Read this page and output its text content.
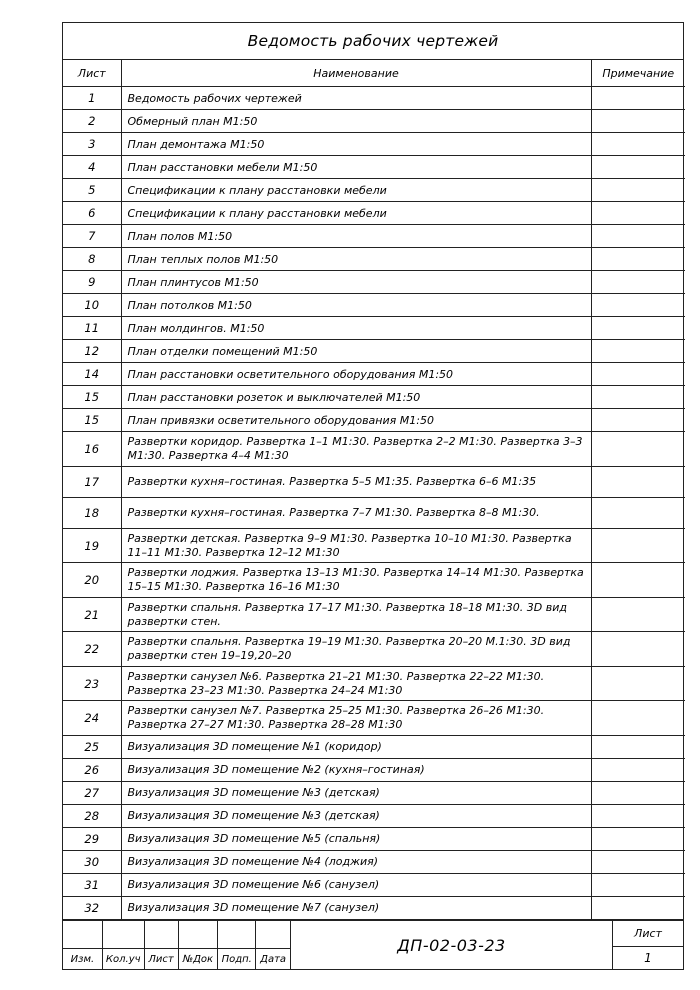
Ведомость рабочих чертежей
Лист	Наименование	Примечание
1	Ведомость рабочих чертежей	
2	Обмерный план М1:50	
3	План демонтажа М1:50	
4	План расстановки мебели М1:50	
5	Спецификации к плану расстановки мебели	
6	Спецификации к плану расстановки мебели	
7	План полов М1:50	
8	План теплых полов М1:50	
9	План плинтусов М1:50	
10	План потолков М1:50	
11	План молдингов. М1:50	
12	План отделки помещений М1:50	
14	План расстановки осветительного оборудования М1:50	
15	План расстановки розеток и выключателей М1:50	
15	План привязки осветительного оборудования М1:50	
16	Развертки коридор. Развертка 1–1 М1:30. Развертка 2–2 М1:30. Развертка 3–3 М1:30. Развертка 4–4 М1:30	
17	Развертки кухня–гостиная. Развертка 5–5 М1:35. Развертка 6–6 М1:35	
18	Развертки кухня–гостиная. Развертка 7–7 М1:30. Развертка 8–8 М1:30.	
19	Развертки детская. Развертка 9–9 М1:30. Развертка 10–10 М1:30. Развертка 11–11 М1:30. Развертка 12–12 М1:30	
20	Развертки лоджия. Развертка 13–13 М1:30. Развертка 14–14 М1:30. Развертка 15–15 М1:30. Развертка 16–16 М1:30	
21	Развертки спальня. Развертка 17–17 М1:30. Развертка 18–18 М1:30. 3D вид развертки стен.	
22	Развертки спальня. Развертка 19–19 М1:30. Развертка 20–20 М.1:30. 3D вид развертки стен 19–19,20–20	
23	Развертки санузел №6. Развертка 21–21 М1:30. Развертка 22–22 М1:30. Развертка 23–23 М1:30. Развертка 24–24 М1:30	
24	Развертки санузел №7. Развертка 25–25 М1:30. Развертка 26–26 М1:30. Развертка 27–27 М1:30. Развертка 28–28 М1:30	
25	Визуализация 3D помещение №1 (коридор)	
26	Визуализация 3D помещение №2 (кухня–гостиная)	
27	Визуализация 3D помещение №3 (детская)	
28	Визуализация 3D помещение №3 (детская)	
29	Визуализация 3D помещение №5 (спальня)	
30	Визуализация 3D помещение №4 (лоджия)	
31	Визуализация 3D помещение №6 (санузел)	
32	Визуализация 3D помещение №7 (санузел)	
Изм.	Кол.уч Лист №Док Подп. Дата
ДП-02-03-23
Лист
1
